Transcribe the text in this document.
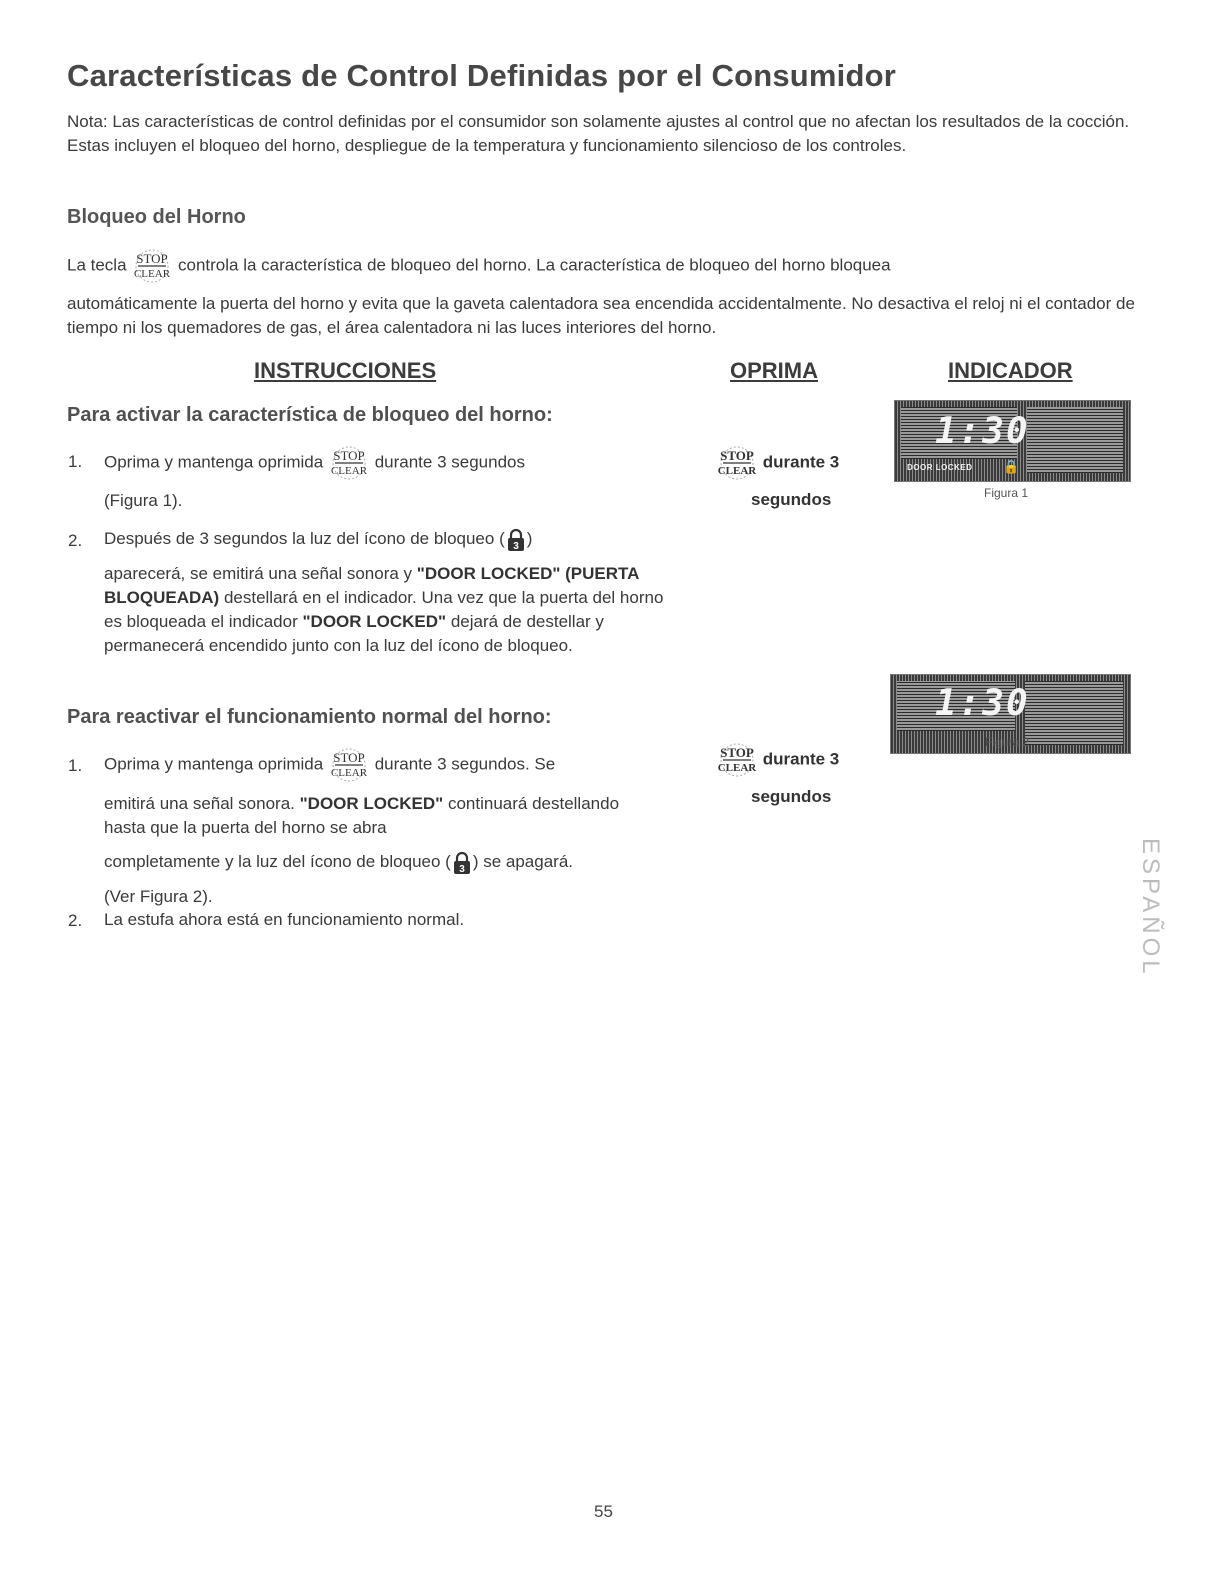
Características de Control Definidas por el Consumidor
Nota: Las características de control definidas por el consumidor son solamente ajustes al control que no afectan los resultados de la cocción. Estas incluyen el bloqueo del horno, despliegue de la temperatura y funcionamiento silencioso de los controles.
Bloqueo del Horno
La tecla STOP
CLEAR controla la característica de bloqueo del horno. La característica de bloqueo del horno bloquea
automáticamente la puerta del horno y evita que la gaveta calentadora sea encendida accidentalmente. No desactiva el reloj ni el contador de tiempo ni los quemadores de gas, el área calentadora ni las luces interiores del horno.
INSTRUCCIONES	OPRIMA	INDICADOR
Para activar la característica de bloqueo del horno:
1. Oprima y mantenga oprimida STOP
CLEAR durante 3 segundos
(Figura 1).
2. Después de 3 segundos la luz del ícono de bloqueo ( 3 )
aparecerá, se emitirá una señal sonora y "DOOR LOCKED" (PUERTA BLOQUEADA) destellará en el indicador. Una vez que la puerta del horno es bloqueada el indicador "DOOR LOCKED" dejará de destellar y permanecerá encendido junto con la luz del ícono de bloqueo.
STOP
CLEAR durante 3
segundos
1:30
DOOR LOCKED 🔒
Figura 1
Para reactivar el funcionamiento normal del horno:
1. Oprima y mantenga oprimida STOP
CLEAR durante 3 segundos. Se
emitirá una señal sonora. "DOOR LOCKED" continuará destellando hasta que la puerta del horno se abra
completamente y la luz del ícono de bloqueo ( 3 ) se apagará.
(Ver Figura 2).
2. La estufa ahora está en funcionamiento normal.
STOP
CLEAR durante 3
segundos
1:30
Figura 2
ESPAÑOL
55
